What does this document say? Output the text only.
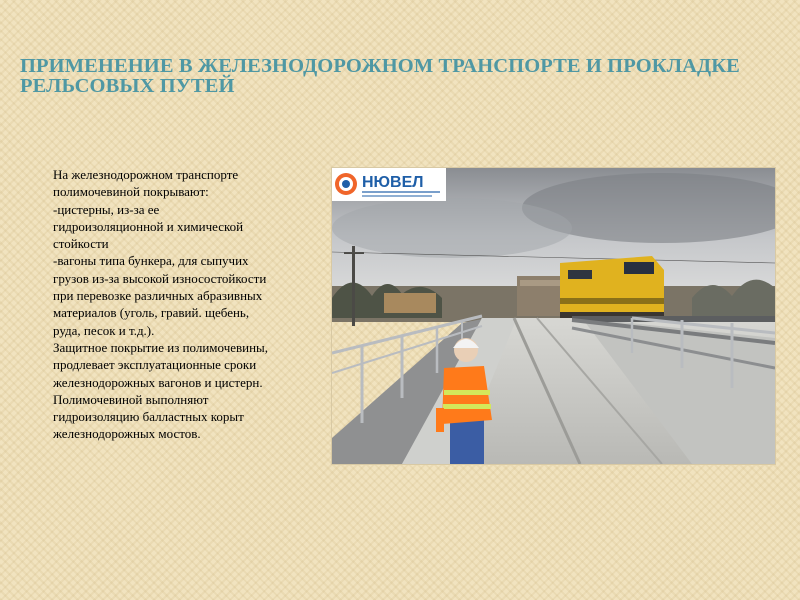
ПРИМЕНЕНИЕ В ЖЕЛЕЗНОДОРОЖНОМ ТРАНСПОРТЕ И ПРОКЛАДКЕ РЕЛЬСОВЫХ ПУТЕЙ

На железнодорожном транспорте
полимочевиной покрывают:
-цистерны, из-за ее
гидроизоляционной и химической
стойкости
-вагоны типа бункера, для сыпучих
грузов из-за высокой износостойкости
при перевозке различных абразивных
материалов (уголь, гравий. щебень,
руда, песок и т.д.).

Защитное покрытие из полимочевины,
продлевает эксплуатационные сроки
железнодорожных вагонов и цистерн.
Полимочевиной выполняют
гидроизоляцию балластных корыт
железнодорожных мостов.

НЮВЕЛ
